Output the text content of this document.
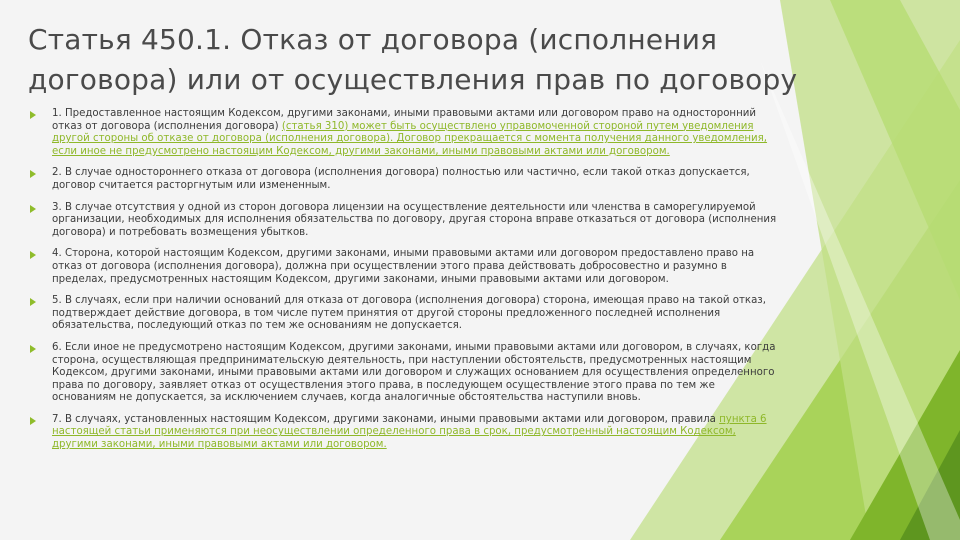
Статья 450.1. Отказ от договора (исполнения договора) или от осуществления прав по договору
1. Предоставленное настоящим Кодексом, другими законами, иными правовыми актами или договором право на односторонний отказ от договора (исполнения договора) (статья 310) может быть осуществлено управомоченной стороной путем уведомления другой стороны об отказе от договора (исполнения договора). Договор прекращается с момента получения данного уведомления, если иное не предусмотрено настоящим Кодексом, другими законами, иными правовыми актами или договором.
2. В случае одностороннего отказа от договора (исполнения договора) полностью или частично, если такой отказ допускается, договор считается расторгнутым или измененным.
3. В случае отсутствия у одной из сторон договора лицензии на осуществление деятельности или членства в саморегулируемой организации, необходимых для исполнения обязательства по договору, другая сторона вправе отказаться от договора (исполнения договора) и потребовать возмещения убытков.
4. Сторона, которой настоящим Кодексом, другими законами, иными правовыми актами или договором предоставлено право на отказ от договора (исполнения договора), должна при осуществлении этого права действовать добросовестно и разумно в пределах, предусмотренных настоящим Кодексом, другими законами, иными правовыми актами или договором.
5. В случаях, если при наличии оснований для отказа от договора (исполнения договора) сторона, имеющая право на такой отказ, подтверждает действие договора, в том числе путем принятия от другой стороны предложенного последней исполнения обязательства, последующий отказ по тем же основаниям не допускается.
6. Если иное не предусмотрено настоящим Кодексом, другими законами, иными правовыми актами или договором, в случаях, когда сторона, осуществляющая предпринимательскую деятельность, при наступлении обстоятельств, предусмотренных настоящим Кодексом, другими законами, иными правовыми актами или договором и служащих основанием для осуществления определенного права по договору, заявляет отказ от осуществления этого права, в последующем осуществление этого права по тем же основаниям не допускается, за исключением случаев, когда аналогичные обстоятельства наступили вновь.
7. В случаях, установленных настоящим Кодексом, другими законами, иными правовыми актами или договором, правила пункта 6 настоящей статьи применяются при неосуществлении определенного права в срок, предусмотренный настоящим Кодексом, другими законами, иными правовыми актами или договором.
